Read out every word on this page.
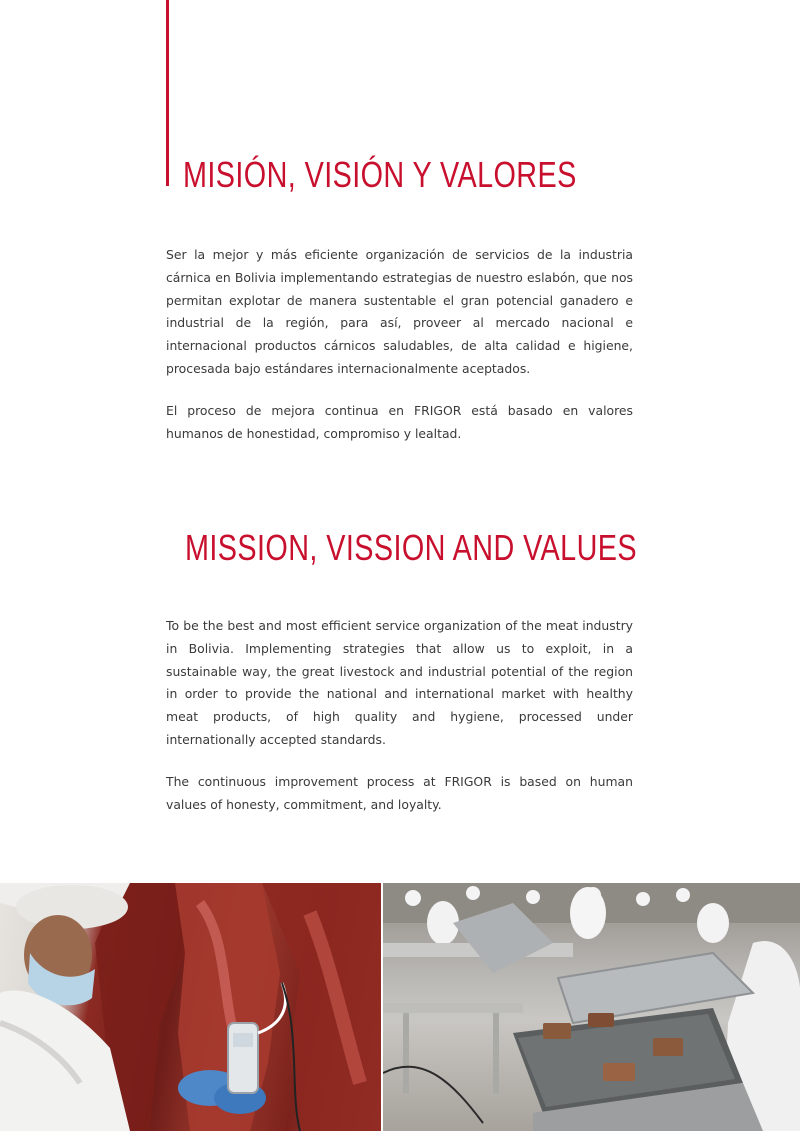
MISIÓN, VISIÓN Y VALORES

Ser la mejor y más eficiente organización de servicios de la industria cárnica en Bolivia implementando estrategias de nuestro eslabón, que nos permitan explotar de manera sustentable el gran potencial ganadero e industrial de la región, para así, proveer al mercado nacional e internacional productos cárnicos saludables, de alta calidad e higiene, procesada bajo estándares internacionalmente aceptados.

El proceso de mejora continua en FRIGOR está basado en valores humanos de honestidad, compromiso y lealtad.

MISSION, VISSION AND VALUES

To be the best and most efficient service organization of the meat industry in Bolivia. Implementing strategies that allow us to exploit, in a sustainable way, the great livestock and industrial potential of the region in order to provide the national and international market with healthy meat products, of high quality and hygiene, processed under internationally accepted standards.

The continuous improvement process at FRIGOR is based on human values of honesty, commitment, and loyalty.
